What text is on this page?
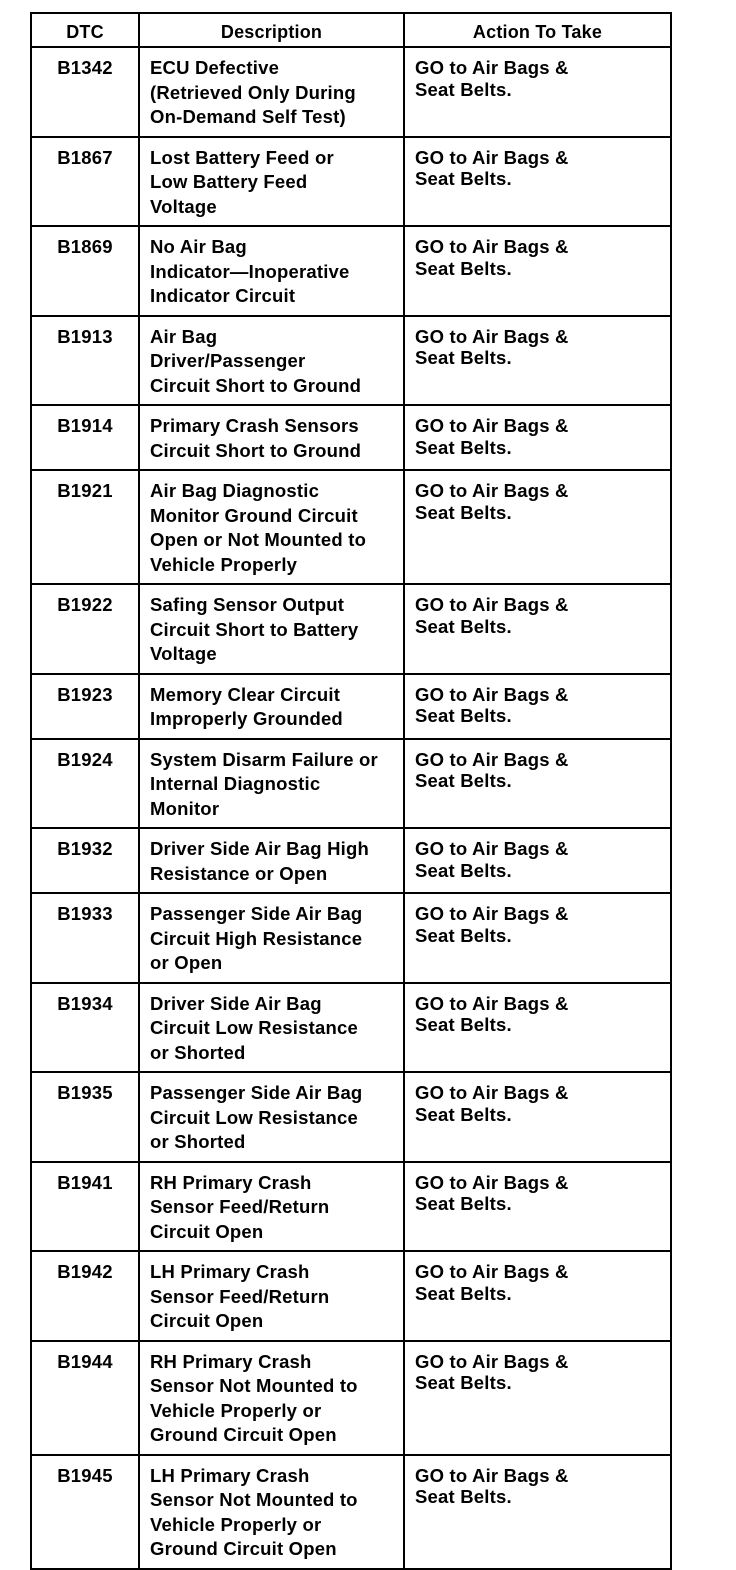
DTC	Description	Action To Take
B1342	ECU Defective
(Retrieved Only During
On-Demand Self Test)	GO to Air Bags &
Seat Belts.

B1867	Lost Battery Feed or
Low Battery Feed
Voltage	GO to Air Bags &
Seat Belts.

B1869	No Air Bag
Indicator—Inoperative
Indicator Circuit	GO to Air Bags &
Seat Belts.

B1913	Air Bag
Driver/Passenger
Circuit Short to Ground	GO to Air Bags &
Seat Belts.

B1914	Primary Crash Sensors
Circuit Short to Ground	GO to Air Bags &
Seat Belts.

B1921	Air Bag Diagnostic
Monitor Ground Circuit
Open or Not Mounted to
Vehicle Properly	GO to Air Bags &
Seat Belts.

B1922	Safing Sensor Output
Circuit Short to Battery
Voltage	GO to Air Bags &
Seat Belts.

B1923	Memory Clear Circuit
Improperly Grounded	GO to Air Bags &
Seat Belts.

B1924	System Disarm Failure or
Internal Diagnostic
Monitor	GO to Air Bags &
Seat Belts.

B1932	Driver Side Air Bag High
Resistance or Open	GO to Air Bags &
Seat Belts.

B1933	Passenger Side Air Bag
Circuit High Resistance
or Open	GO to Air Bags &
Seat Belts.

B1934	Driver Side Air Bag
Circuit Low Resistance
or Shorted	GO to Air Bags &
Seat Belts.

B1935	Passenger Side Air Bag
Circuit Low Resistance
or Shorted	GO to Air Bags &
Seat Belts.

B1941	RH Primary Crash
Sensor Feed/Return
Circuit Open	GO to Air Bags &
Seat Belts.

B1942	LH Primary Crash
Sensor Feed/Return
Circuit Open	GO to Air Bags &
Seat Belts.

B1944	RH Primary Crash
Sensor Not Mounted to
Vehicle Properly or
Ground Circuit Open	GO to Air Bags &
Seat Belts.

B1945	LH Primary Crash
Sensor Not Mounted to
Vehicle Properly or
Ground Circuit Open	GO to Air Bags &
Seat Belts.
